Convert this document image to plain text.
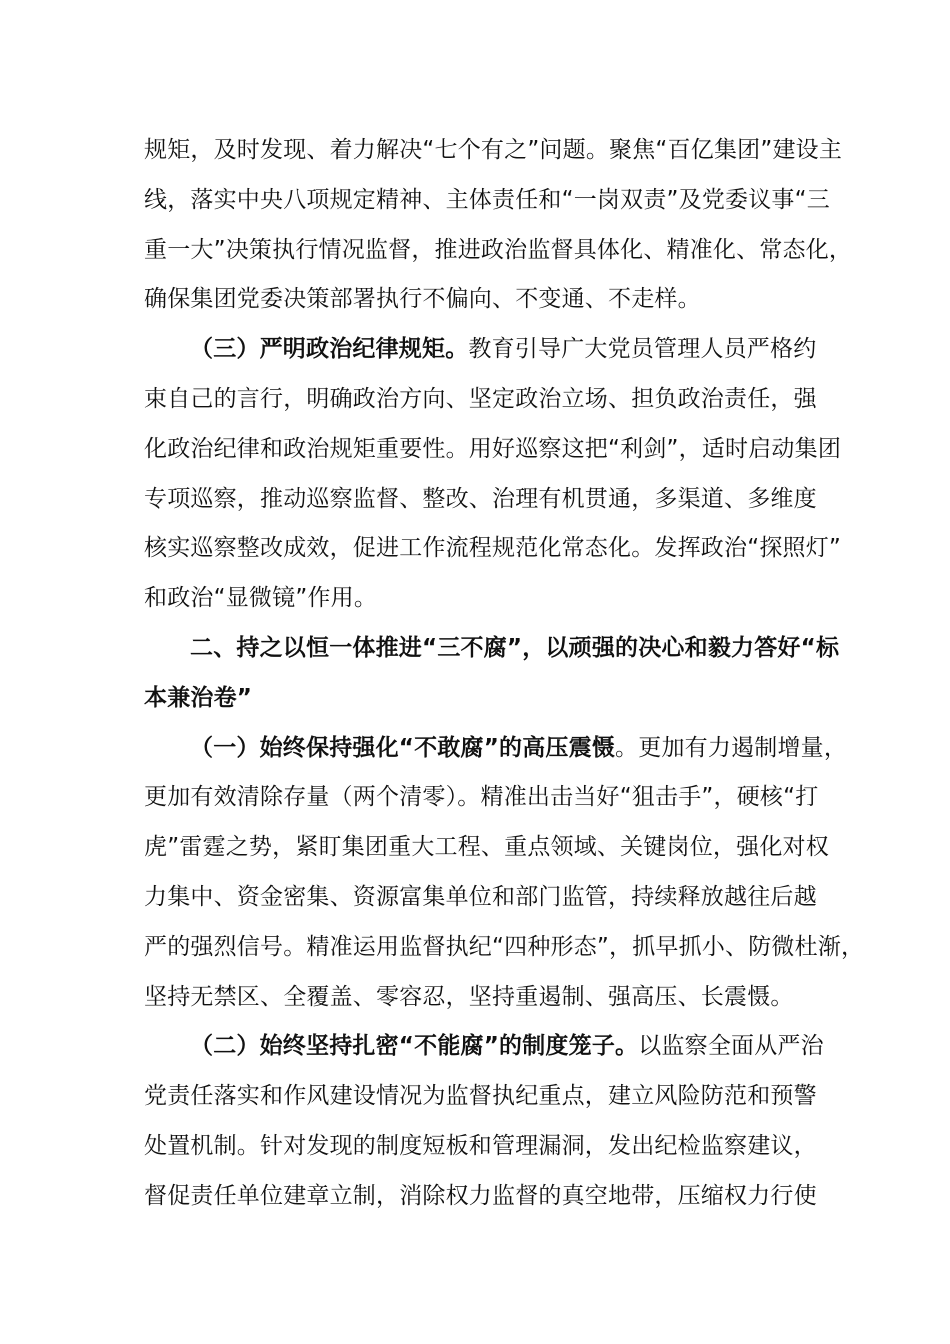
规矩，及时发现、着力解决“七个有之”问题。聚焦“百亿集团”建设主
线，落实中央八项规定精神、主体责任和“一岗双责”及党委议事“三
重一大”决策执行情况监督，推进政治监督具体化、精准化、常态化，
确保集团党委决策部署执行不偏向、不变通、不走样。
（三）严明政治纪律规矩。教育引导广大党员管理人员严格约
束自己的言行，明确政治方向、坚定政治立场、担负政治责任，强
化政治纪律和政治规矩重要性。用好巡察这把“利剑”，适时启动集团
专项巡察，推动巡察监督、整改、治理有机贯通，多渠道、多维度
核实巡察整改成效，促进工作流程规范化常态化。发挥政治“探照灯”
和政治“显微镜”作用。
二、持之以恒一体推进“三不腐”，以顽强的决心和毅力答好“标
本兼治卷”
（一）始终保持强化“不敢腐”的高压震慑。更加有力遏制增量，
更加有效清除存量（两个清零）。精准出击当好“狙击手”，硬核“打
虎”雷霆之势，紧盯集团重大工程、重点领域、关键岗位，强化对权
力集中、资金密集、资源富集单位和部门监管，持续释放越往后越
严的强烈信号。精准运用监督执纪“四种形态”，抓早抓小、防微杜渐，
坚持无禁区、全覆盖、零容忍，坚持重遏制、强高压、长震慑。
（二）始终坚持扎密“不能腐”的制度笼子。以监察全面从严治
党责任落实和作风建设情况为监督执纪重点，建立风险防范和预警
处置机制。针对发现的制度短板和管理漏洞，发出纪检监察建议，
督促责任单位建章立制，消除权力监督的真空地带，压缩权力行使
